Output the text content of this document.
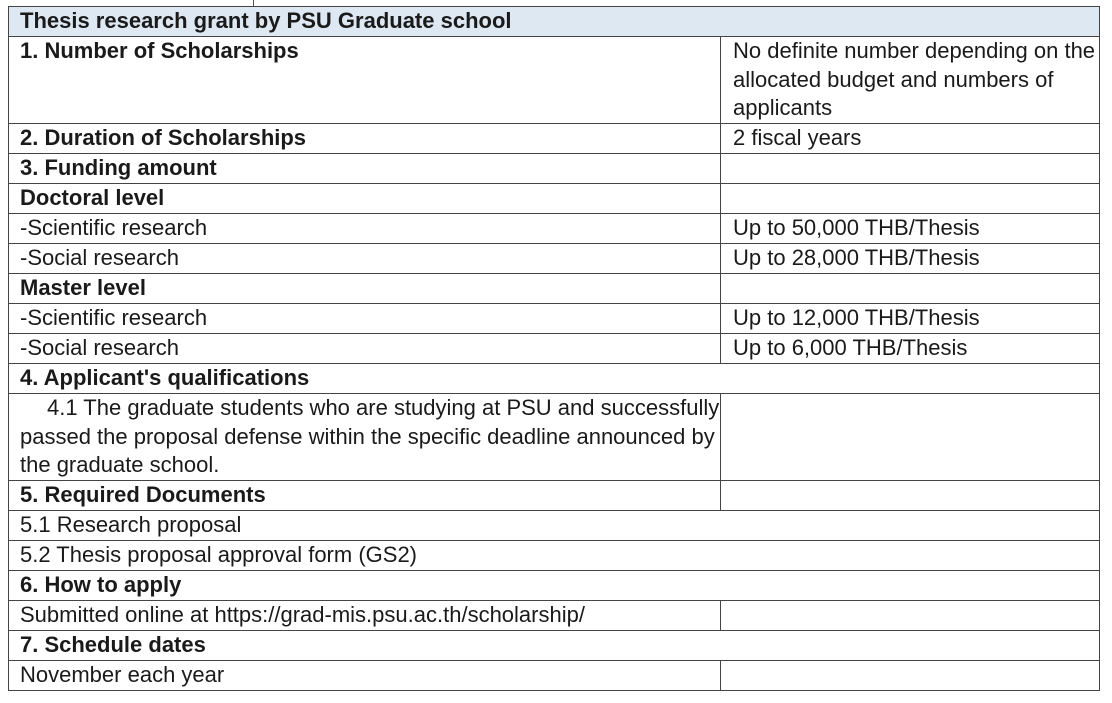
Thesis research grant by PSU Graduate school	
1. Number of Scholarships	No definite number depending on the allocated budget and numbers of applicants
2. Duration of Scholarships	2 fiscal years
3. Funding amount	
Doctoral level	
-Scientific research	Up to 50,000 THB/Thesis
-Social research	Up to 28,000 THB/Thesis
Master level	
-Scientific research	Up to 12,000 THB/Thesis
-Social research	Up to 6,000 THB/Thesis
4. Applicant's qualifications	
4.1 The graduate students who are studying at PSU and successfully passed the proposal defense within the specific deadline announced by the graduate school.	
5. Required Documents	
5.1 Research proposal	
5.2 Thesis proposal approval form (GS2)	
6. How to apply	
Submitted online at https://grad-mis.psu.ac.th/scholarship/	
7. Schedule dates	
November each year	
